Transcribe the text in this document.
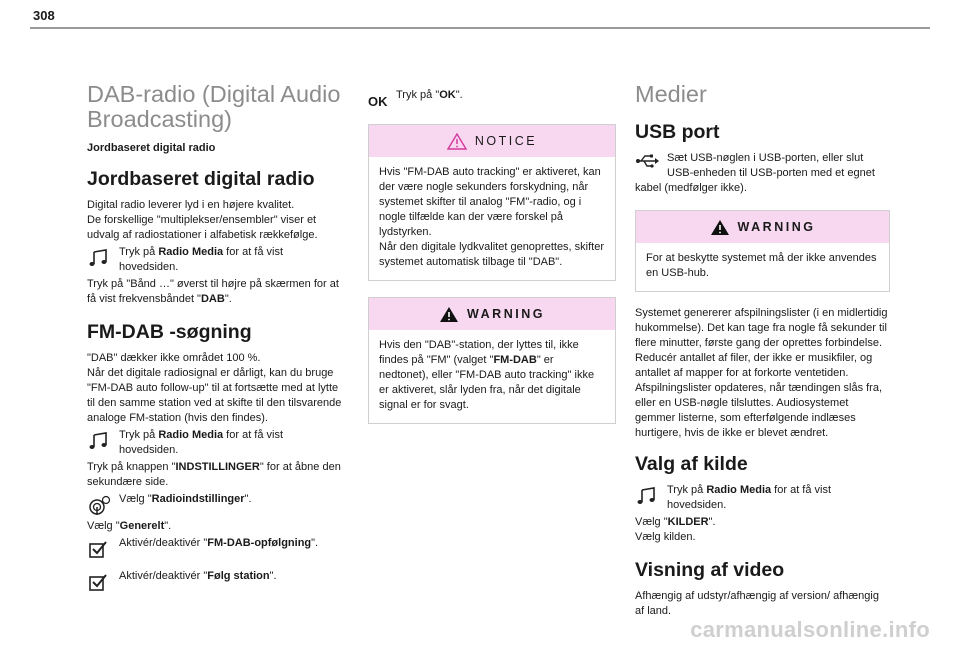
308
DAB-radio (Digital Audio Broadcasting)
Jordbaseret digital radio
Jordbaseret digital radio

Digital radio leverer lyd i en højere kvalitet.

De forskellige "multiplekser/ensembler" viser et udvalg af radiostationer i alfabetisk rækkefølge.

Tryk på Radio Media for at få vist hovedsiden.

Tryk på "Bånd …" øverst til højre på skærmen for at få vist frekvensbåndet "DAB".

FM-DAB -søgning

"DAB" dækker ikke området 100 %.

Når det digitale radiosignal er dårligt, kan du bruge "FM-DAB auto follow-up" til at fortsætte med at lytte til den samme station ved at skifte til den tilsvarende analoge FM-station (hvis den findes).

Tryk på Radio Media for at få vist hovedsiden.

Tryk på knappen "INDSTILLINGER" for at åbne den sekundære side.

Vælg "Radioindstillinger".

Vælg "Generelt".

Aktivér/deaktivér "FM-DAB-opfølgning".
Aktivér/deaktivér "Følg station".
OK Tryk på "OK".
NOTICE
Hvis "FM-DAB auto tracking" er aktiveret, kan der være nogle sekunders forskydning, når systemet skifter til analog "FM"-radio, og i nogle tilfælde kan der være forskel på lydstyrken.
Når den digitale lydkvalitet genoprettes, skifter systemet automatisk tilbage til "DAB".
WARNING
Hvis den "DAB"-station, der lyttes til, ikke findes på "FM" (valget "FM-DAB" er nedtonet), eller "FM-DAB auto tracking" ikke er aktiveret, slår lyden fra, når det digitale signal er for svagt.
Medier
USB port
Sæt USB-nøglen i USB-porten, eller slut USB-enheden til USB-porten med et egnet kabel (medfølger ikke).
WARNING
For at beskytte systemet må der ikke anvendes en USB-hub.

Systemet genererer afspilningslister (i en midlertidig hukommelse). Det kan tage fra nogle få sekunder til flere minutter, første gang der oprettes forbindelse.

Reducér antallet af filer, der ikke er musikfiler, og antallet af mapper for at forkorte ventetiden.

Afspilningslister opdateres, når tændingen slås fra, eller en USB-nøgle tilsluttes. Audiosystemet gemmer listerne, som efterfølgende indlæses hurtigere, hvis de ikke er blevet ændret.

Valg af kilde
Tryk på Radio Media for at få vist hovedsiden.

Vælg "KILDER".

Vælg kilden.

Visning af video

Afhængig af udstyr/afhængig af version/ afhængig af land.

carmanualsonline.info
